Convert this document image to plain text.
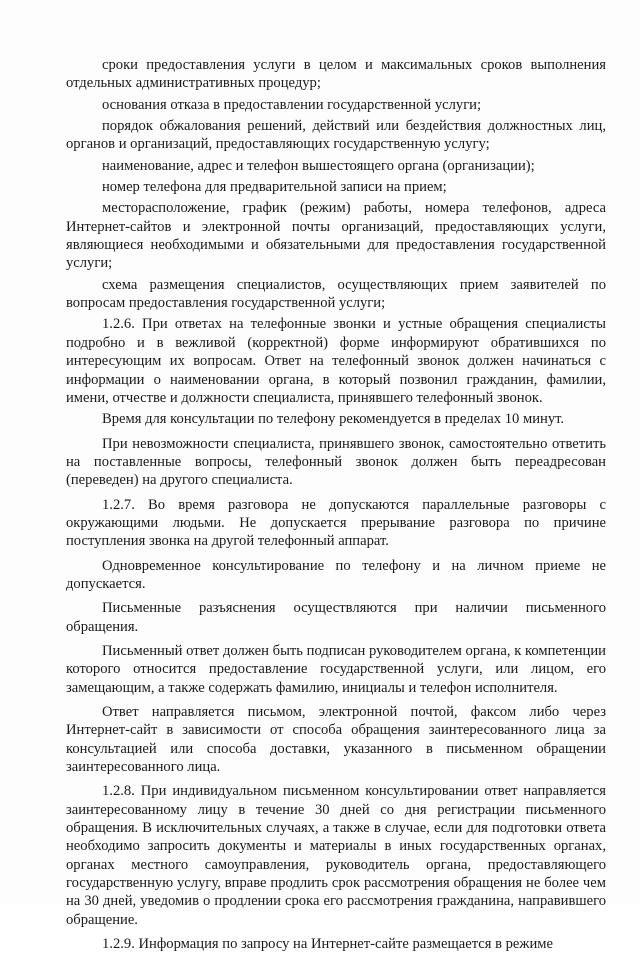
сроки предоставления услуги в целом и максимальных сроков выполнения отдельных административных процедур;

основания отказа в предоставлении государственной услуги;

порядок обжалования решений, действий или бездействия должностных лиц, органов и организаций, предоставляющих государственную услугу;

наименование, адрес и телефон вышестоящего органа (организации);

номер телефона для предварительной записи на прием;

месторасположение, график (режим) работы, номера телефонов, адреса Интернет-сайтов и электронной почты организаций, предоставляющих услуги, являющиеся необходимыми и обязательными для предоставления государственной услуги;

схема размещения специалистов, осуществляющих прием заявителей по вопросам предоставления государственной услуги;

1.2.6. При ответах на телефонные звонки и устные обращения специалисты подробно и в вежливой (корректной) форме информируют обратившихся по интересующим их вопросам. Ответ на телефонный звонок должен начинаться с информации о наименовании органа, в который позвонил гражданин, фамилии, имени, отчестве и должности специалиста, принявшего телефонный звонок.

Время для консультации по телефону рекомендуется в пределах 10 минут.

При невозможности специалиста, принявшего звонок, самостоятельно ответить на поставленные вопросы, телефонный звонок должен быть переадресован (переведен) на другого специалиста.

1.2.7. Во время разговора не допускаются параллельные разговоры с окружающими людьми. Не допускается прерывание разговора по причине поступления звонка на другой телефонный аппарат.

Одновременное консультирование по телефону и на личном приеме не допускается.

Письменные разъяснения осуществляются при наличии письменного обращения.

Письменный ответ должен быть подписан руководителем органа, к компетенции которого относится предоставление государственной услуги, или лицом, его замещающим, а также содержать фамилию, инициалы и телефон исполнителя.

Ответ направляется письмом, электронной почтой, факсом либо через Интернет-сайт в зависимости от способа обращения заинтересованного лица за консультацией или способа доставки, указанного в письменном обращении заинтересованного лица.

1.2.8. При индивидуальном письменном консультировании ответ направляется заинтересованному лицу в течение 30 дней со дня регистрации письменного обращения. В исключительных случаях, а также в случае, если для подготовки ответа необходимо запросить документы и материалы в иных государственных органах, органах местного самоуправления, руководитель органа, предоставляющего государственную услугу, вправе продлить срок рассмотрения обращения не более чем на 30 дней, уведомив о продлении срока его рассмотрения гражданина, направившего обращение.

1.2.9. Информация по запросу на Интернет-сайте размещается в режиме
